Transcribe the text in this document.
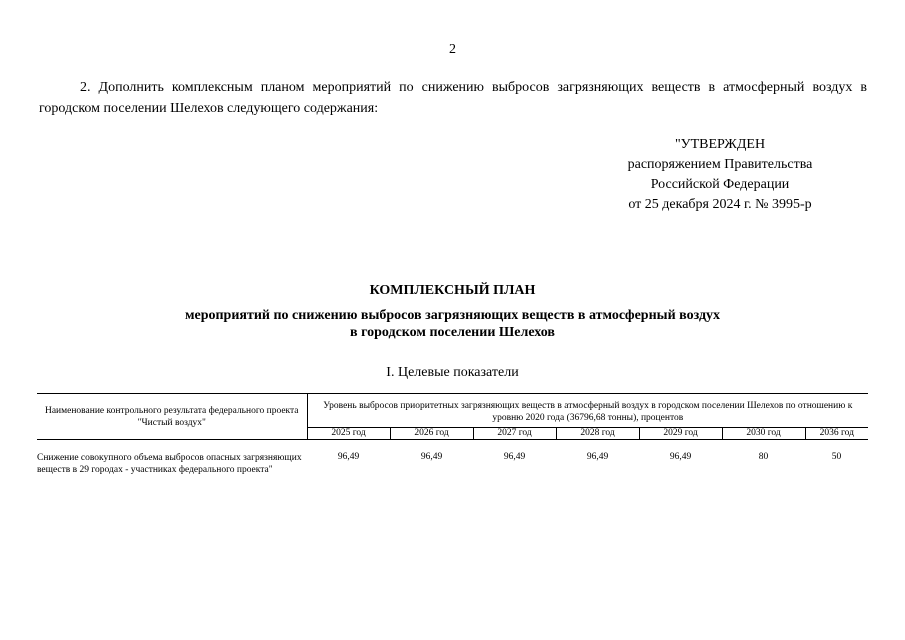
2

2. Дополнить комплексным планом мероприятий по снижению выбросов загрязняющих веществ в атмосферный воздух в городском поселении Шелехов следующего содержания:

"УТВЕРЖДЕН
распоряжением Правительства
Российской Федерации
от 25 декабря 2024 г. № 3995-р
КОМПЛЕКСНЫЙ ПЛАН
мероприятий по снижению выбросов загрязняющих веществ в атмосферный воздух
в городском поселении Шелехов
I. Целевые показатели
Наименование контрольного результата федерального проекта "Чистый воздух"	Уровень выбросов приоритетных загрязняющих веществ в атмосферный воздух в городском поселении Шелехов по отношению к уровню 2020 года (36796,68 тонны), процентов						
	2025 год	2026 год	2027 год	2028 год	2029 год	2030 год	2036 год
Снижение совокупного объема выбросов опасных загрязняющих веществ в 29 городах - участниках федерального проекта"	96,49	96,49	96,49	96,49	96,49	80	50
